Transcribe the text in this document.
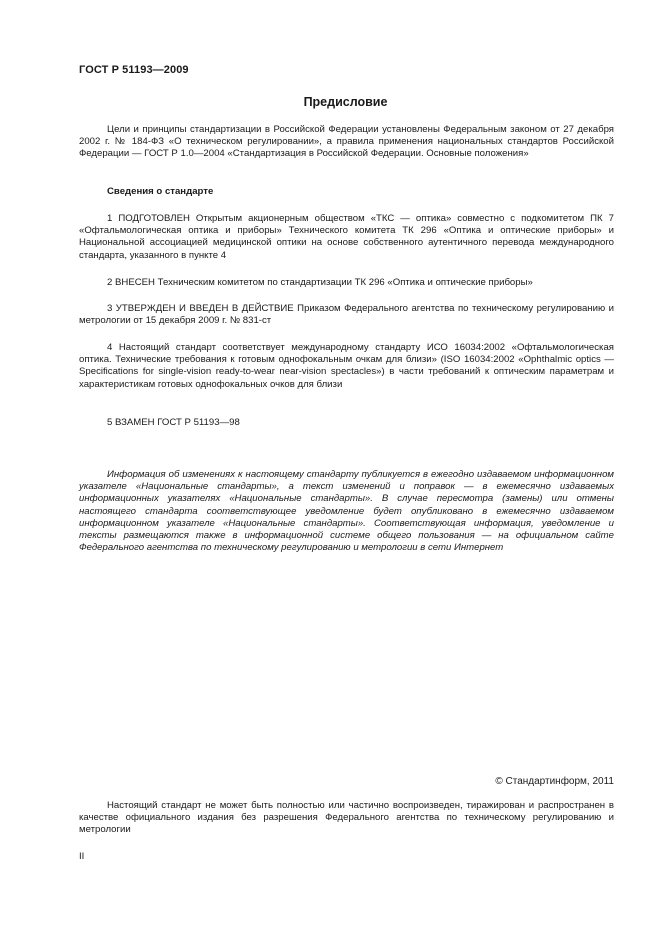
ГОСТ Р 51193—2009
Предисловие

Цели и принципы стандартизации в Российской Федерации установлены Федеральным законом от 27 декабря 2002 г. № 184-ФЗ «О техническом регулировании», а правила применения национальных стандартов Российской Федерации — ГОСТ Р 1.0—2004 «Стандартизация в Российской Федерации. Основные положения»

Сведения о стандарте

1 ПОДГОТОВЛЕН Открытым акционерным обществом «ТКС — оптика» совместно с подкомитетом ПК 7 «Офтальмологическая оптика и приборы» Технического комитета ТК 296 «Оптика и оптические приборы» и Национальной ассоциацией медицинской оптики на основе собственного аутентичного перевода международного стандарта, указанного в пункте 4

2 ВНЕСЕН Техническим комитетом по стандартизации ТК 296 «Оптика и оптические приборы»

3 УТВЕРЖДЕН И ВВЕДЕН В ДЕЙСТВИЕ Приказом Федерального агентства по техническому регулированию и метрологии от 15 декабря 2009 г. № 831-ст

4 Настоящий стандарт соответствует международному стандарту ИСО 16034:2002 «Офтальмологическая оптика. Технические требования к готовым однофокальным очкам для близи» (ISO 16034:2002 «Ophthalmic optics — Specifications for single-vision ready-to-wear near-vision spectacles») в части требований к оптическим параметрам и характеристикам готовых однофокальных очков для близи

5 ВЗАМЕН ГОСТ Р 51193—98

Информация об изменениях к настоящему стандарту публикуется в ежегодно издаваемом информационном указателе «Национальные стандарты», а текст изменений и поправок — в ежемесячно издаваемых информационных указателях «Национальные стандарты». В случае пересмотра (замены) или отмены настоящего стандарта соответствующее уведомление будет опубликовано в ежемесячно издаваемом информационном указателе «Национальные стандарты». Соответствующая информация, уведомление и тексты размещаются также в информационной системе общего пользования — на официальном сайте Федерального агентства по техническому регулированию и метрологии в сети Интернет

© Стандартинформ, 2011

Настоящий стандарт не может быть полностью или частично воспроизведен, тиражирован и распространен в качестве официального издания без разрешения Федерального агентства по техническому регулированию и метрологии

II
